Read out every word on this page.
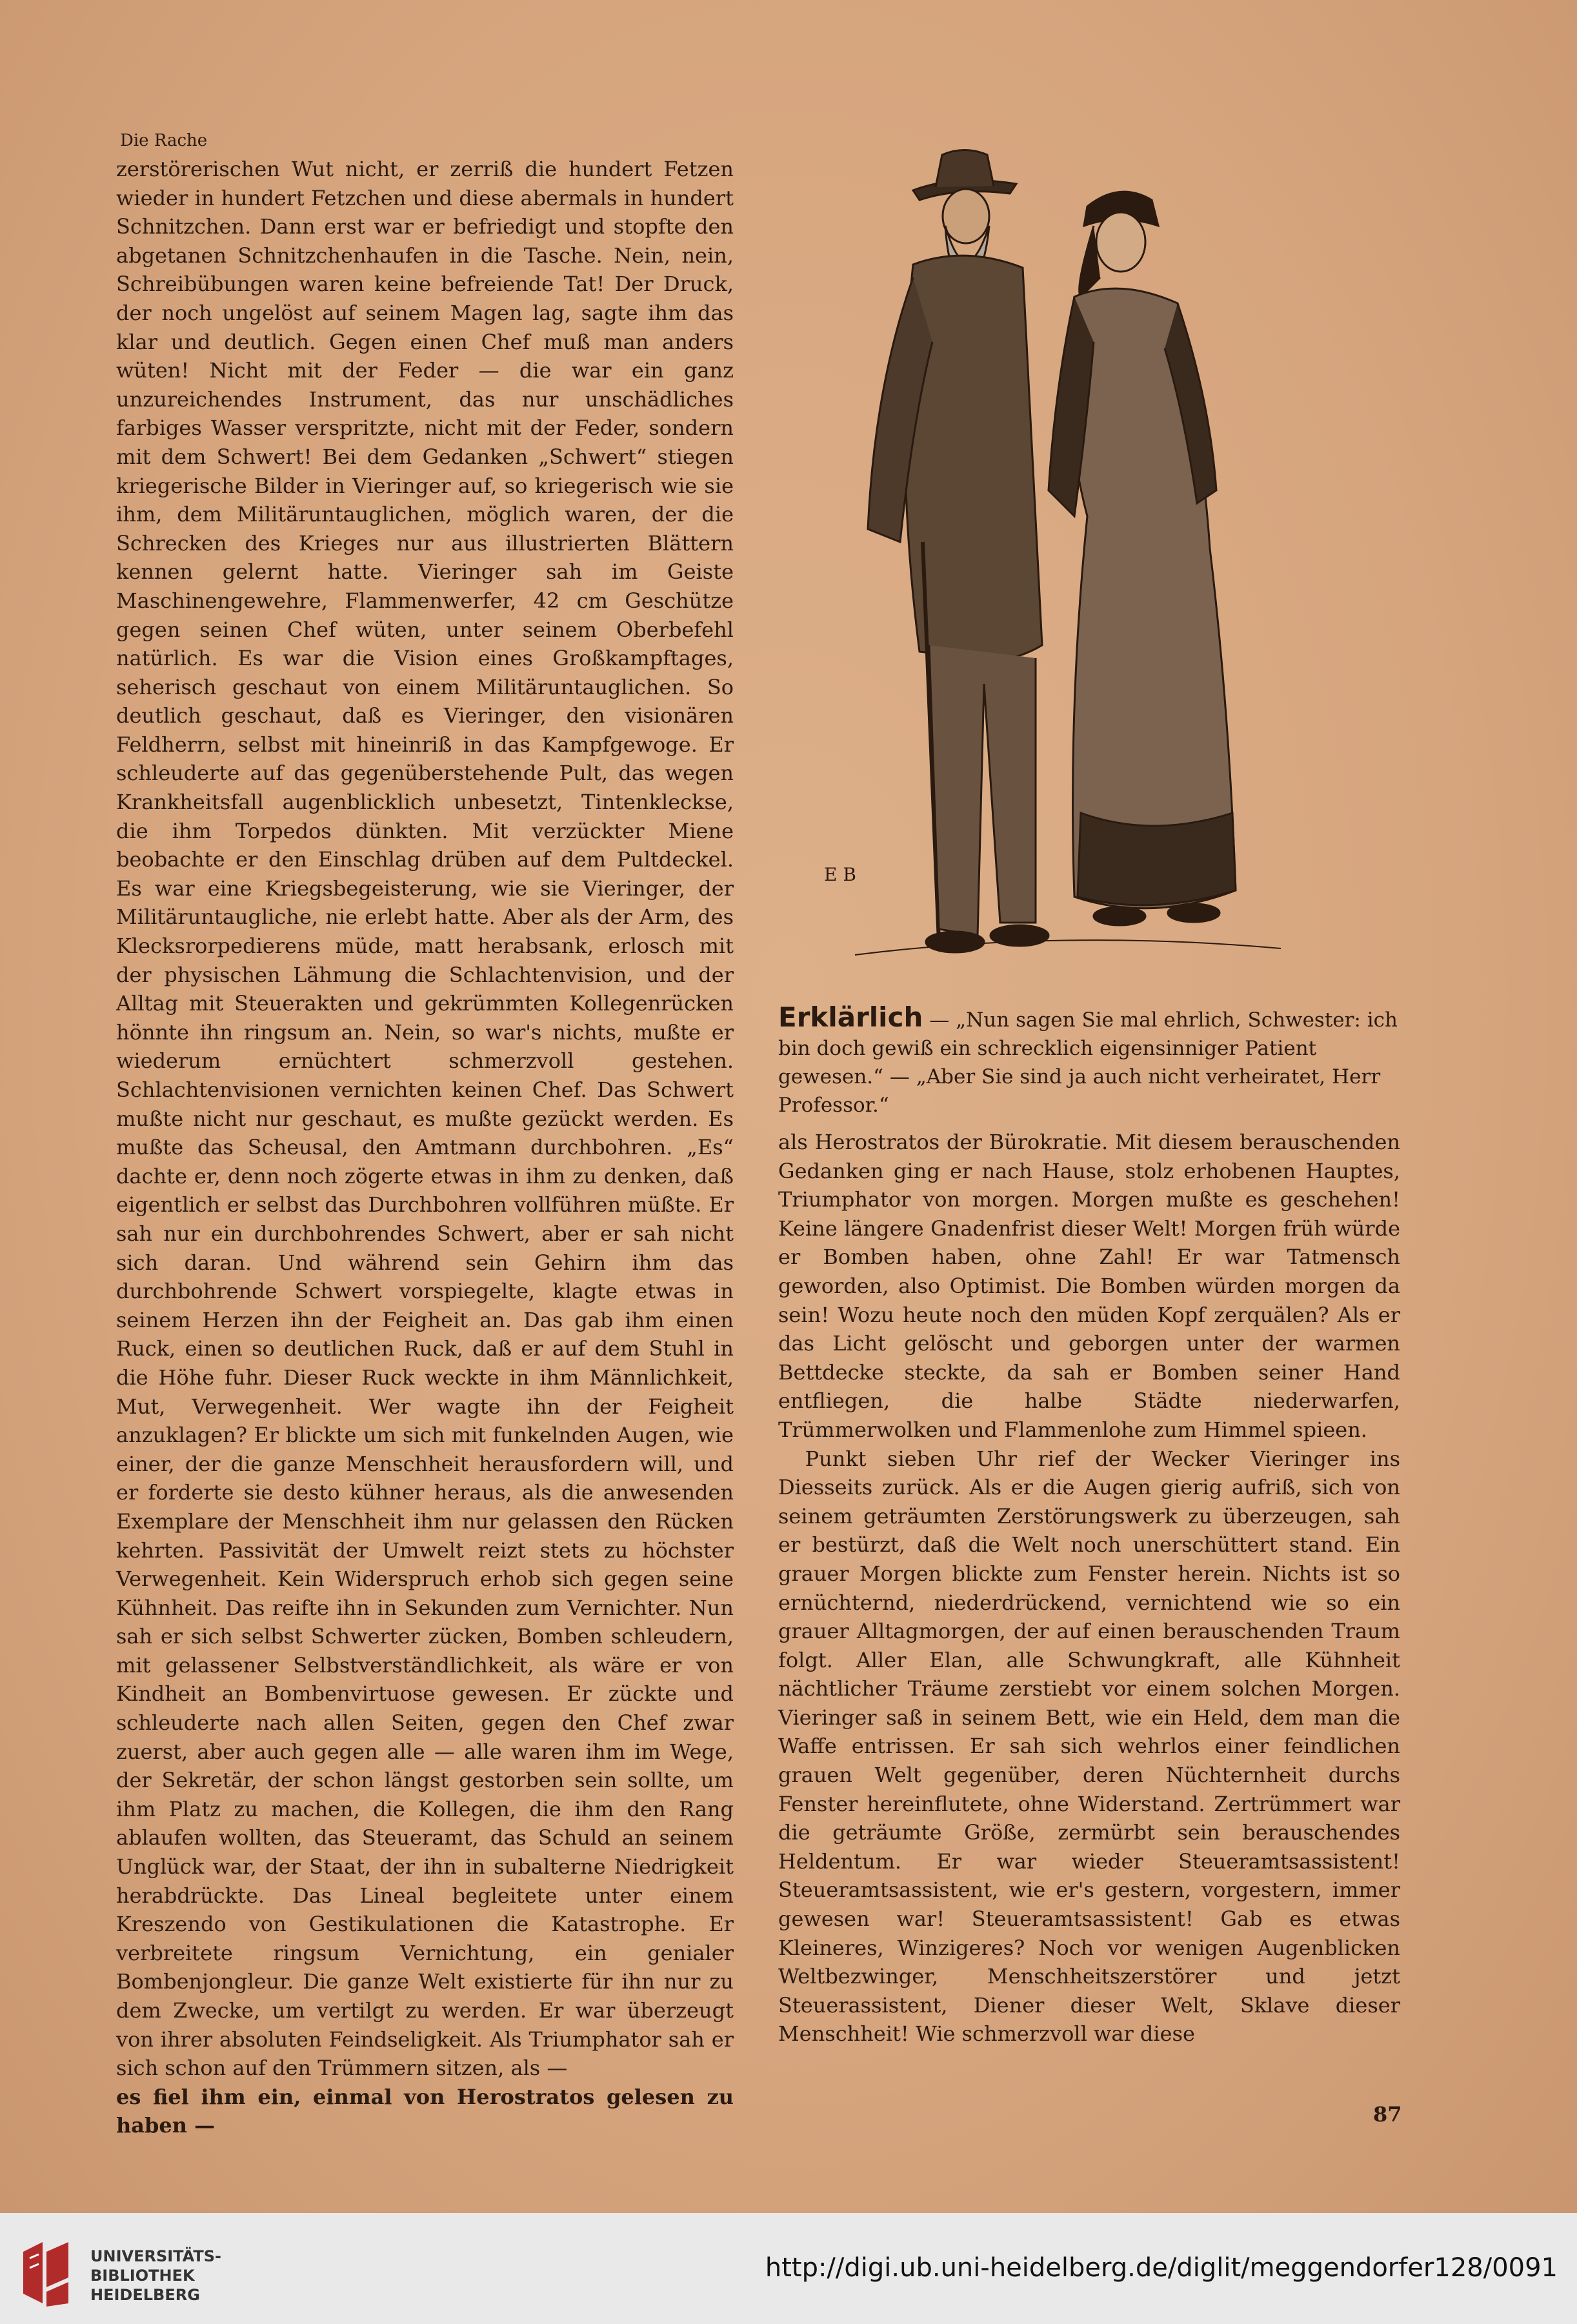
Die Rache

zerstörerischen Wut nicht, er zerriß die hundert Fetzen wieder in hundert Fetzchen und diese abermals in hundert Schnitzchen. Dann erst war er befriedigt und stopfte den abgetanen Schnitzchenhaufen in die Tasche. Nein, nein, Schreibübungen waren keine befreiende Tat! Der Druck, der noch ungelöst auf seinem Magen lag, sagte ihm das klar und deutlich. Gegen einen Chef muß man anders wüten! Nicht mit der Feder — die war ein ganz unzureichendes Instrument, das nur unschädliches farbiges Wasser verspritzte, nicht mit der Feder, sondern mit dem Schwert! Bei dem Gedanken „Schwert“ stiegen kriegerische Bilder in Vieringer auf, so kriegerisch wie sie ihm, dem Militäruntauglichen, möglich waren, der die Schrecken des Krieges nur aus illustrierten Blättern kennen gelernt hatte. Vieringer sah im Geiste Maschinengewehre, Flammenwerfer, 42 cm Geschütze gegen seinen Chef wüten, unter seinem Oberbefehl natürlich. Es war die Vision eines Großkampftages, seherisch geschaut von einem Militäruntauglichen. So deutlich geschaut, daß es Vieringer, den visionären Feldherrn, selbst mit hineinriß in das Kampfgewoge. Er schleuderte auf das gegenüberstehende Pult, das wegen Krankheitsfall augenblicklich unbesetzt, Tintenkleckse, die ihm Torpedos dünkten. Mit verzückter Miene beobachte er den Einschlag drüben auf dem Pultdeckel. Es war eine Kriegsbegeisterung, wie sie Vieringer, der Militäruntaugliche, nie erlebt hatte. Aber als der Arm, des Klecksrorpedierens müde, matt herabsank, erlosch mit der physischen Lähmung die Schlachtenvision, und der Alltag mit Steuerakten und gekrümmten Kollegenrücken hönnte ihn ringsum an. Nein, so war's nichts, mußte er wiederum ernüchtert schmerzvoll gestehen. Schlachtenvisionen vernichten keinen Chef. Das Schwert mußte nicht nur geschaut, es mußte gezückt werden. Es mußte das Scheusal, den Amtmann durchbohren. „Es“ dachte er, denn noch zögerte etwas in ihm zu denken, daß eigentlich er selbst das Durchbohren vollführen müßte. Er sah nur ein durchbohrendes Schwert, aber er sah nicht sich daran. Und während sein Gehirn ihm das durchbohrende Schwert vorspiegelte, klagte etwas in seinem Herzen ihn der Feigheit an. Das gab ihm einen Ruck, einen so deutlichen Ruck, daß er auf dem Stuhl in die Höhe fuhr. Dieser Ruck weckte in ihm Männlichkeit, Mut, Verwegenheit. Wer wagte ihn der Feigheit anzuklagen? Er blickte um sich mit funkelnden Augen, wie einer, der die ganze Menschheit herausfordern will, und er forderte sie desto kühner heraus, als die anwesenden Exemplare der Menschheit ihm nur gelassen den Rücken kehrten. Passivität der Umwelt reizt stets zu höchster Verwegenheit. Kein Widerspruch erhob sich gegen seine Kühnheit. Das reifte ihn in Sekunden zum Vernichter. Nun sah er sich selbst Schwerter zücken, Bomben schleudern, mit gelassener Selbstverständlichkeit, als wäre er von Kindheit an Bombenvirtuose gewesen. Er zückte und schleuderte nach allen Seiten, gegen den Chef zwar zuerst, aber auch gegen alle — alle waren ihm im Wege, der Sekretär, der schon längst gestorben sein sollte, um ihm Platz zu machen, die Kollegen, die ihm den Rang ablaufen wollten, das Steueramt, das Schuld an seinem Unglück war, der Staat, der ihn in subalterne Niedrigkeit herabdrückte. Das Lineal begleitete unter einem Kreszendo von Gestikulationen die Katastrophe. Er verbreitete ringsum Vernichtung, ein genialer Bombenjongleur. Die ganze Welt existierte für ihn nur zu dem Zwecke, um vertilgt zu werden. Er war überzeugt von ihrer absoluten Feindseligkeit. Als Triumphator sah er sich schon auf den Trümmern sitzen, als —

es fiel ihm ein, einmal von Herostratos gelesen zu haben —

E B
Erklärlich — „Nun sagen Sie mal ehrlich, Schwester: ich bin doch gewiß ein schrecklich eigensinniger Patient gewesen.“ — „Aber Sie sind ja auch nicht verheiratet, Herr Professor.“

als Herostratos der Bürokratie. Mit diesem berauschenden Gedanken ging er nach Hause, stolz erhobenen Hauptes, Triumphator von morgen. Morgen mußte es geschehen! Keine längere Gnadenfrist dieser Welt! Morgen früh würde er Bomben haben, ohne Zahl! Er war Tatmensch geworden, also Optimist. Die Bomben würden morgen da sein! Wozu heute noch den müden Kopf zerquälen? Als er das Licht gelöscht und geborgen unter der warmen Bettdecke steckte, da sah er Bomben seiner Hand entfliegen, die halbe Städte niederwarfen, Trümmerwolken und Flammenlohe zum Himmel spieen.

Punkt sieben Uhr rief der Wecker Vieringer ins Diesseits zurück. Als er die Augen gierig aufriß, sich von seinem geträumten Zerstörungswerk zu überzeugen, sah er bestürzt, daß die Welt noch unerschüttert stand. Ein grauer Morgen blickte zum Fenster herein. Nichts ist so ernüchternd, niederdrückend, vernichtend wie so ein grauer Alltagmorgen, der auf einen berauschenden Traum folgt. Aller Elan, alle Schwungkraft, alle Kühnheit nächtlicher Träume zerstiebt vor einem solchen Morgen. Vieringer saß in seinem Bett, wie ein Held, dem man die Waffe entrissen. Er sah sich wehrlos einer feindlichen grauen Welt gegenüber, deren Nüchternheit durchs Fenster hereinflutete, ohne Widerstand. Zertrümmert war die geträumte Größe, zermürbt sein berauschendes Heldentum. Er war wieder Steueramtsassistent! Steueramtsassistent, wie er's gestern, vorgestern, immer gewesen war! Steueramtsassistent! Gab es etwas Kleineres, Winzigeres? Noch vor wenigen Augenblicken Weltbezwinger, Menschheitszerstörer und jetzt Steuerassistent, Diener dieser Welt, Sklave dieser Menschheit! Wie schmerzvoll war diese

87
UNIVERSITÄTS-
BIBLIOTHEK
HEIDELBERG
http://digi.ub.uni-heidelberg.de/diglit/meggendorfer128/0091
